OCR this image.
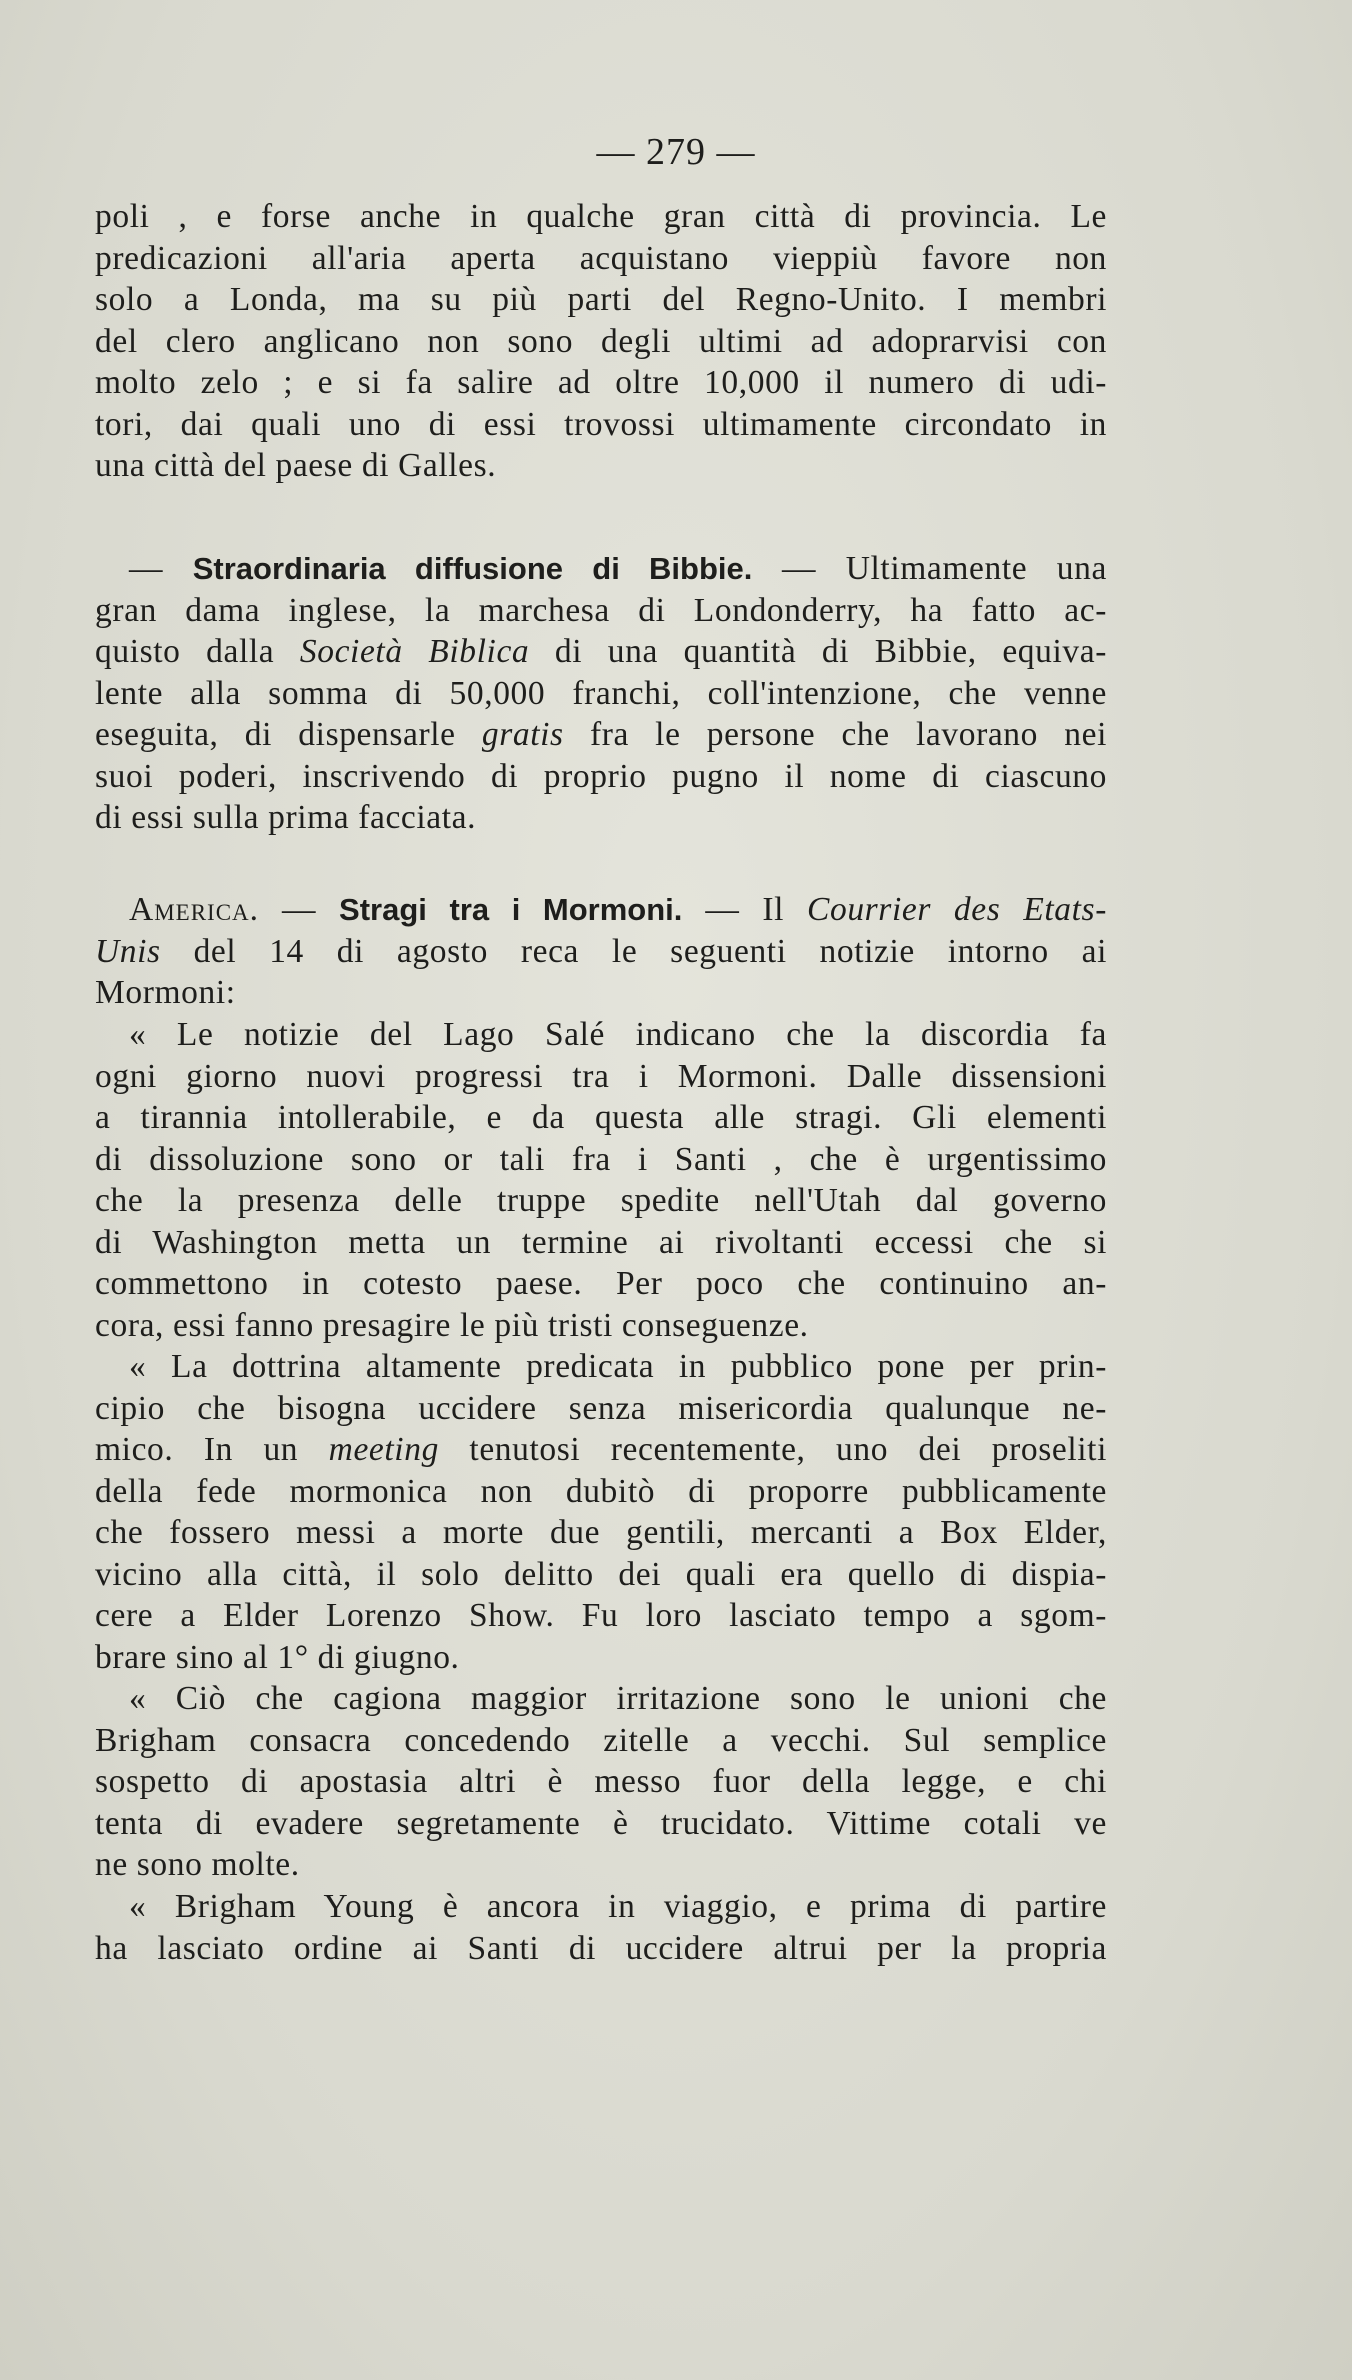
— 279 —
poli , e forse anche in qualche gran città di provincia. Le
predicazioni all'aria aperta acquistano vieppiù favore non
solo a Londa, ma su più parti del Regno-Unito. I membri
del clero anglicano non sono degli ultimi ad adoprarvisi con
molto zelo ; e si fa salire ad oltre 10,000 il numero di udi-
tori, dai quali uno di essi trovossi ultimamente circondato in
una città del paese di Galles.
— Straordinaria diffusione di Bibbie. — Ultimamente una
gran dama inglese, la marchesa di Londonderry, ha fatto ac-
quisto dalla Società Biblica di una quantità di Bibbie, equiva-
lente alla somma di 50,000 franchi, coll'intenzione, che venne
eseguita, di dispensarle gratis fra le persone che lavorano nei
suoi poderi, inscrivendo di proprio pugno il nome di ciascuno
di essi sulla prima facciata.
America. — Stragi tra i Mormoni. — Il Courrier des Etats-
Unis del 14 di agosto reca le seguenti notizie intorno ai
Mormoni:
« Le notizie del Lago Salé indicano che la discordia fa
ogni giorno nuovi progressi tra i Mormoni. Dalle dissensioni
a tirannia intollerabile, e da questa alle stragi. Gli elementi
di dissoluzione sono or tali fra i Santi , che è urgentissimo
che la presenza delle truppe spedite nell'Utah dal governo
di Washington metta un termine ai rivoltanti eccessi che si
commettono in cotesto paese. Per poco che continuino an-
cora, essi fanno presagire le più tristi conseguenze.
« La dottrina altamente predicata in pubblico pone per prin-
cipio che bisogna uccidere senza misericordia qualunque ne-
mico. In un meeting tenutosi recentemente, uno dei proseliti
della fede mormonica non dubitò di proporre pubblicamente
che fossero messi a morte due gentili, mercanti a Box Elder,
vicino alla città, il solo delitto dei quali era quello di dispia-
cere a Elder Lorenzo Show. Fu loro lasciato tempo a sgom-
brare sino al 1° di giugno.
« Ciò che cagiona maggior irritazione sono le unioni che
Brigham consacra concedendo zitelle a vecchi. Sul semplice
sospetto di apostasia altri è messo fuor della legge, e chi
tenta di evadere segretamente è trucidato. Vittime cotali ve
ne sono molte.
« Brigham Young è ancora in viaggio, e prima di partire
ha lasciato ordine ai Santi di uccidere altrui per la propria
